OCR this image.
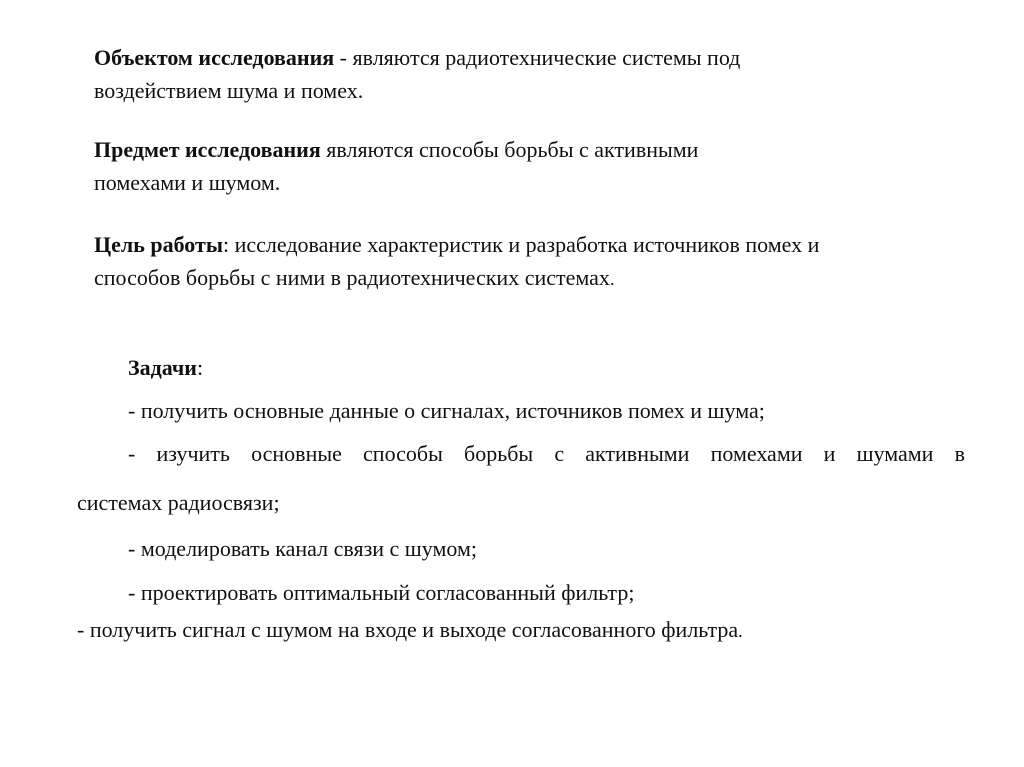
Объектом исследования - являются радиотехнические системы под
воздействием шума и помех.
Предмет исследования являются способы борьбы с активными
помехами и шумом.
Цель работы: исследование характеристик и разработка источников помех и
способов борьбы с ними в радиотехнических системах.
Задачи:
- получить основные данные о сигналах, источников помех и шума;
- изучить основные способы борьбы с активными помехами и шумами в
системах радиосвязи;
- моделировать канал связи с шумом;
- проектировать оптимальный согласованный фильтр;
- получить сигнал с шумом на входе и выходе согласованного фильтра.
